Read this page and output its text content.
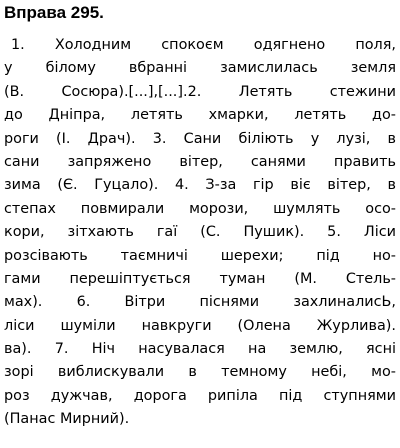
Вправа 295.
1. Холодним спокоєм одягнено поля,
у білому вбранні замислилась земля
(В. Сосюра).[...],[...].2. Летять стежини
до Дніпра, летять хмарки, летять до-
роги (І. Драч). 3. Сани біліють у лузі, в
сани запряжено вітер, санями править
зима (Є. Гуцало). 4. З-за гір віє вітер, в
степах повмирали морози, шумлять осо-
кори, зітхають гаї (С. Пушик). 5. Ліси
розсівають таємничі шерехи; під но-
гами перешіптується туман (М. Стель-
мах). 6. Вітри піснями захлиналисЬ,
ліси шуміли навкруги (Олена Журлива).
ва). 7. Ніч насувалася на землю, ясні
зорі виблискували в темному небі, мо-
роз дужчав, дорога рипіла під ступнями
(Панас Мирний).
